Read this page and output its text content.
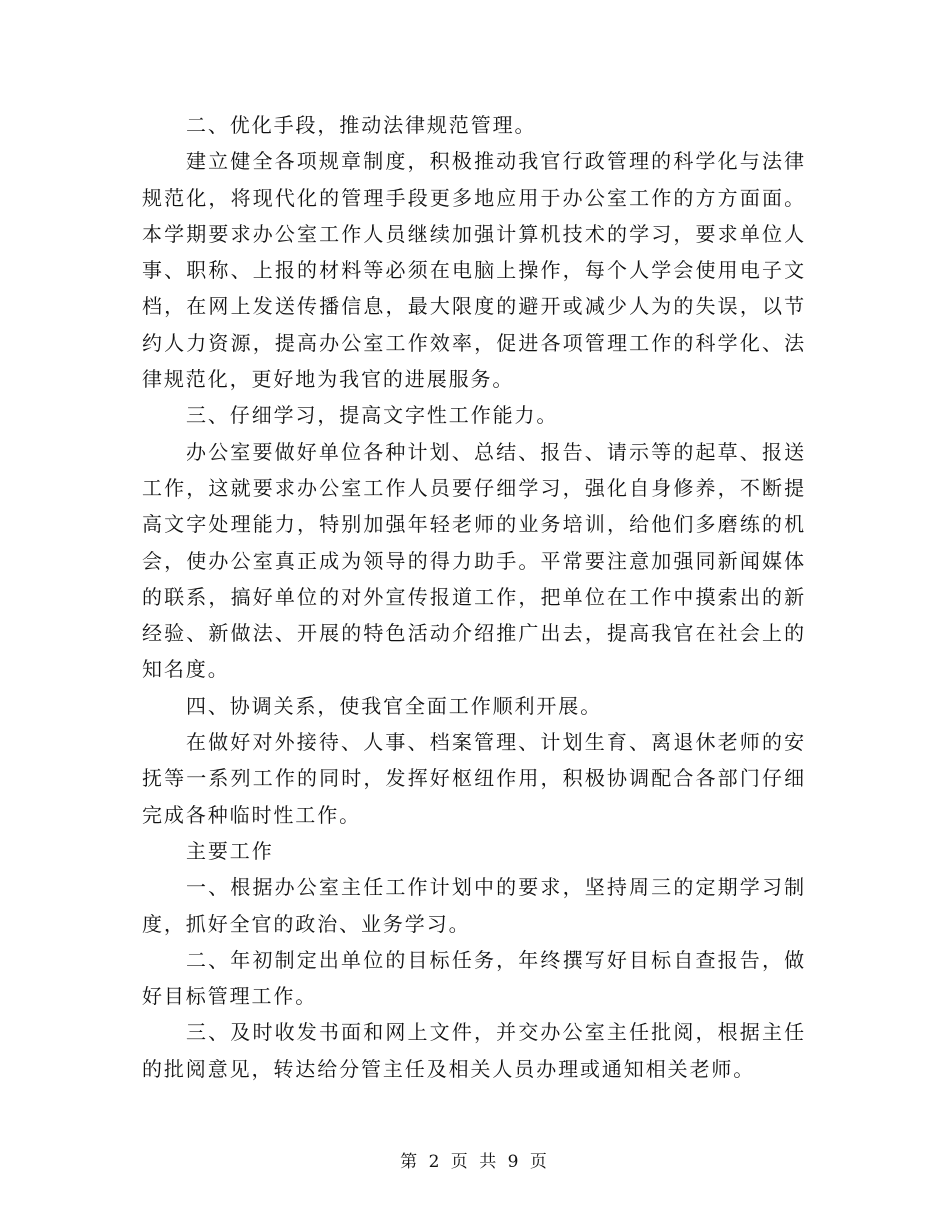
二、优化手段，推动法律规范管理。

建立健全各项规章制度，积极推动我官行政管理的科学化与法律规范化，将现代化的管理手段更多地应用于办公室工作的方方面面。本学期要求办公室工作人员继续加强计算机技术的学习，要求单位人事、职称、上报的材料等必须在电脑上操作，每个人学会使用电子文档，在网上发送传播信息，最大限度的避开或减少人为的失误，以节约人力资源，提高办公室工作效率，促进各项管理工作的科学化、法律规范化，更好地为我官的进展服务。

三、仔细学习，提高文字性工作能力。

办公室要做好单位各种计划、总结、报告、请示等的起草、报送工作，这就要求办公室工作人员要仔细学习，强化自身修养，不断提高文字处理能力，特别加强年轻老师的业务培训，给他们多磨练的机会，使办公室真正成为领导的得力助手。平常要注意加强同新闻媒体的联系，搞好单位的对外宣传报道工作，把单位在工作中摸索出的新经验、新做法、开展的特色活动介绍推广出去，提高我官在社会上的知名度。

四、协调关系，使我官全面工作顺利开展。

在做好对外接待、人事、档案管理、计划生育、离退休老师的安抚等一系列工作的同时，发挥好枢纽作用，积极协调配合各部门仔细完成各种临时性工作。

主要工作

一、根据办公室主任工作计划中的要求，坚持周三的定期学习制度，抓好全官的政治、业务学习。

二、年初制定出单位的目标任务，年终撰写好目标自查报告，做好目标管理工作。

三、及时收发书面和网上文件，并交办公室主任批阅，根据主任的批阅意见，转达给分管主任及相关人员办理或通知相关老师。

第 2 页 共 9 页
